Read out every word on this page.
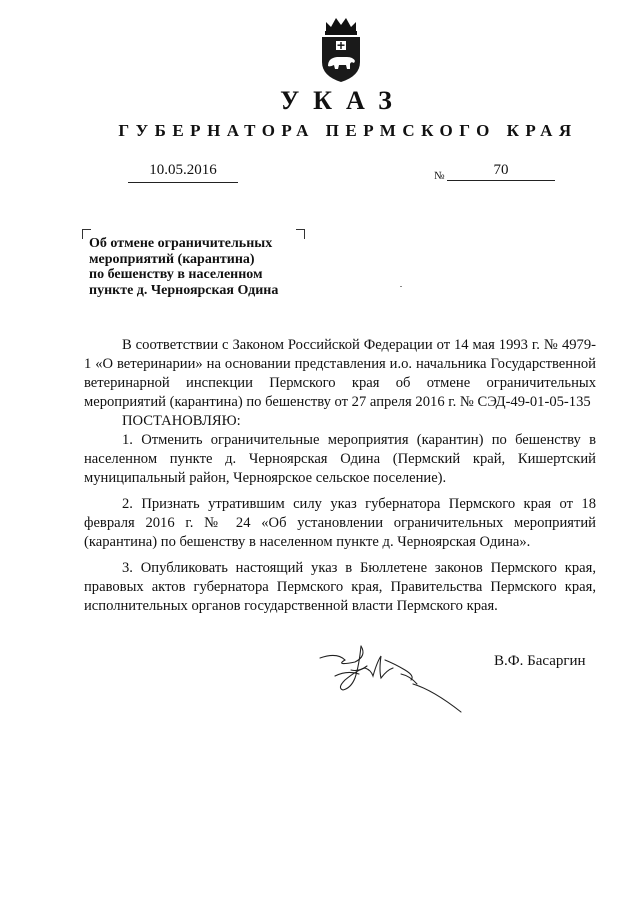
УКАЗ
ГУБЕРНАТОРА ПЕРМСКОГО КРАЯ
10.05.2016	№	70
Об отмене ограничительных
мероприятий (карантина)
по бешенству в населенном
пункте д. Черноярская Одина

В соответствии с Законом Российской Федерации от 14 мая 1993 г. № 4979-1 «О ветеринарии» на основании представления и.о. начальника Государственной ветеринарной инспекции Пермского края об отмене ограничительных мероприятий (карантина) по бешенству от 27 апреля 2016 г. № СЭД-49-01-05-135

ПОСТАНОВЛЯЮ:

1. Отменить ограничительные мероприятия (карантин) по бешенству в населенном пункте д. Черноярская Одина (Пермский край, Кишертский муниципальный район, Черноярское сельское поселение).

2. Признать утратившим силу указ губернатора Пермского края от 18 февраля 2016 г. № 24 «Об установлении ограничительных мероприятий (карантина) по бешенству в населенном пункте д. Черноярская Одина».

3. Опубликовать настоящий указ в Бюллетене законов Пермского края, правовых актов губернатора Пермского края, Правительства Пермского края, исполнительных органов государственной власти Пермского края.

В.Ф. Басаргин
